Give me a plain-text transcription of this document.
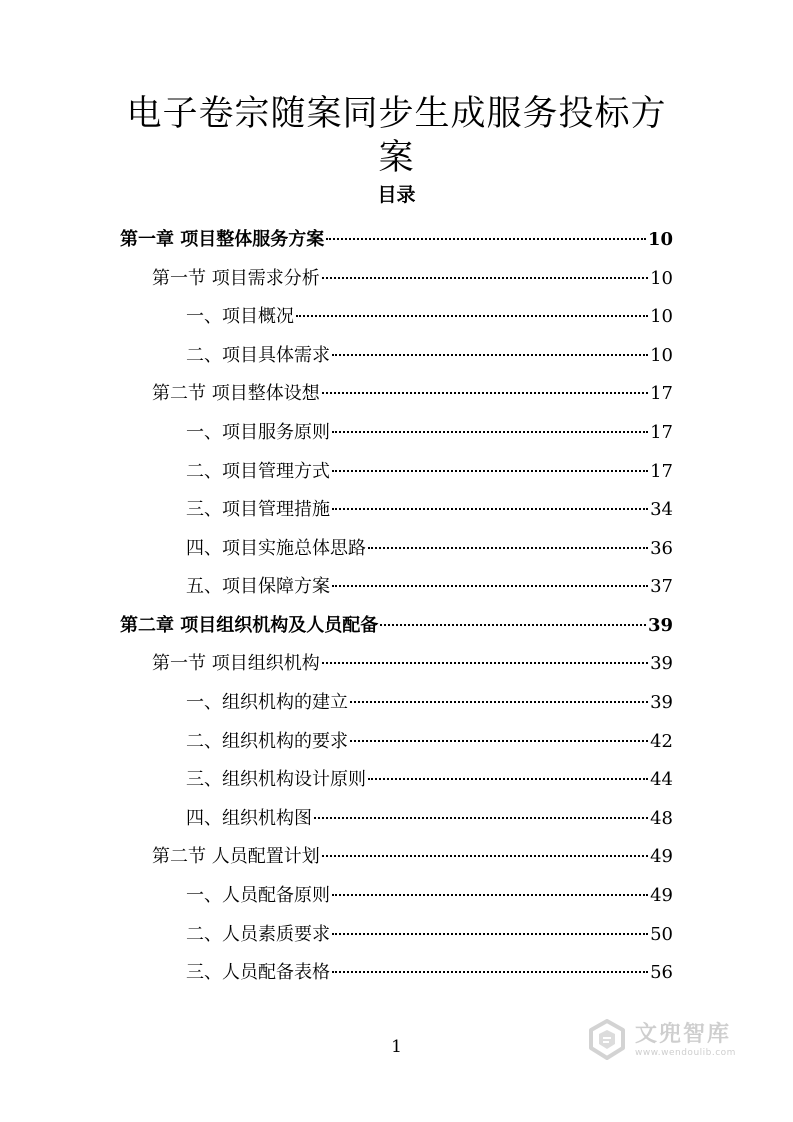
电子卷宗随案同步生成服务投标方
案
目录
第一章 项目整体服务方案	10
第一节 项目需求分析	10
一、项目概况	10
二、项目具体需求	10
第二节 项目整体设想	17
一、项目服务原则	17
二、项目管理方式	17
三、项目管理措施	34
四、项目实施总体思路	36
五、项目保障方案	37
第二章 项目组织机构及人员配备	39
第一节 项目组织机构	39
一、组织机构的建立	39
二、组织机构的要求	42
三、组织机构设计原则	44
四、组织机构图	48
第二节 人员配置计划	49
一、人员配备原则	49
二、人员素质要求	50
三、人员配备表格	56
1
文兜智库
www.wendoulib.com
